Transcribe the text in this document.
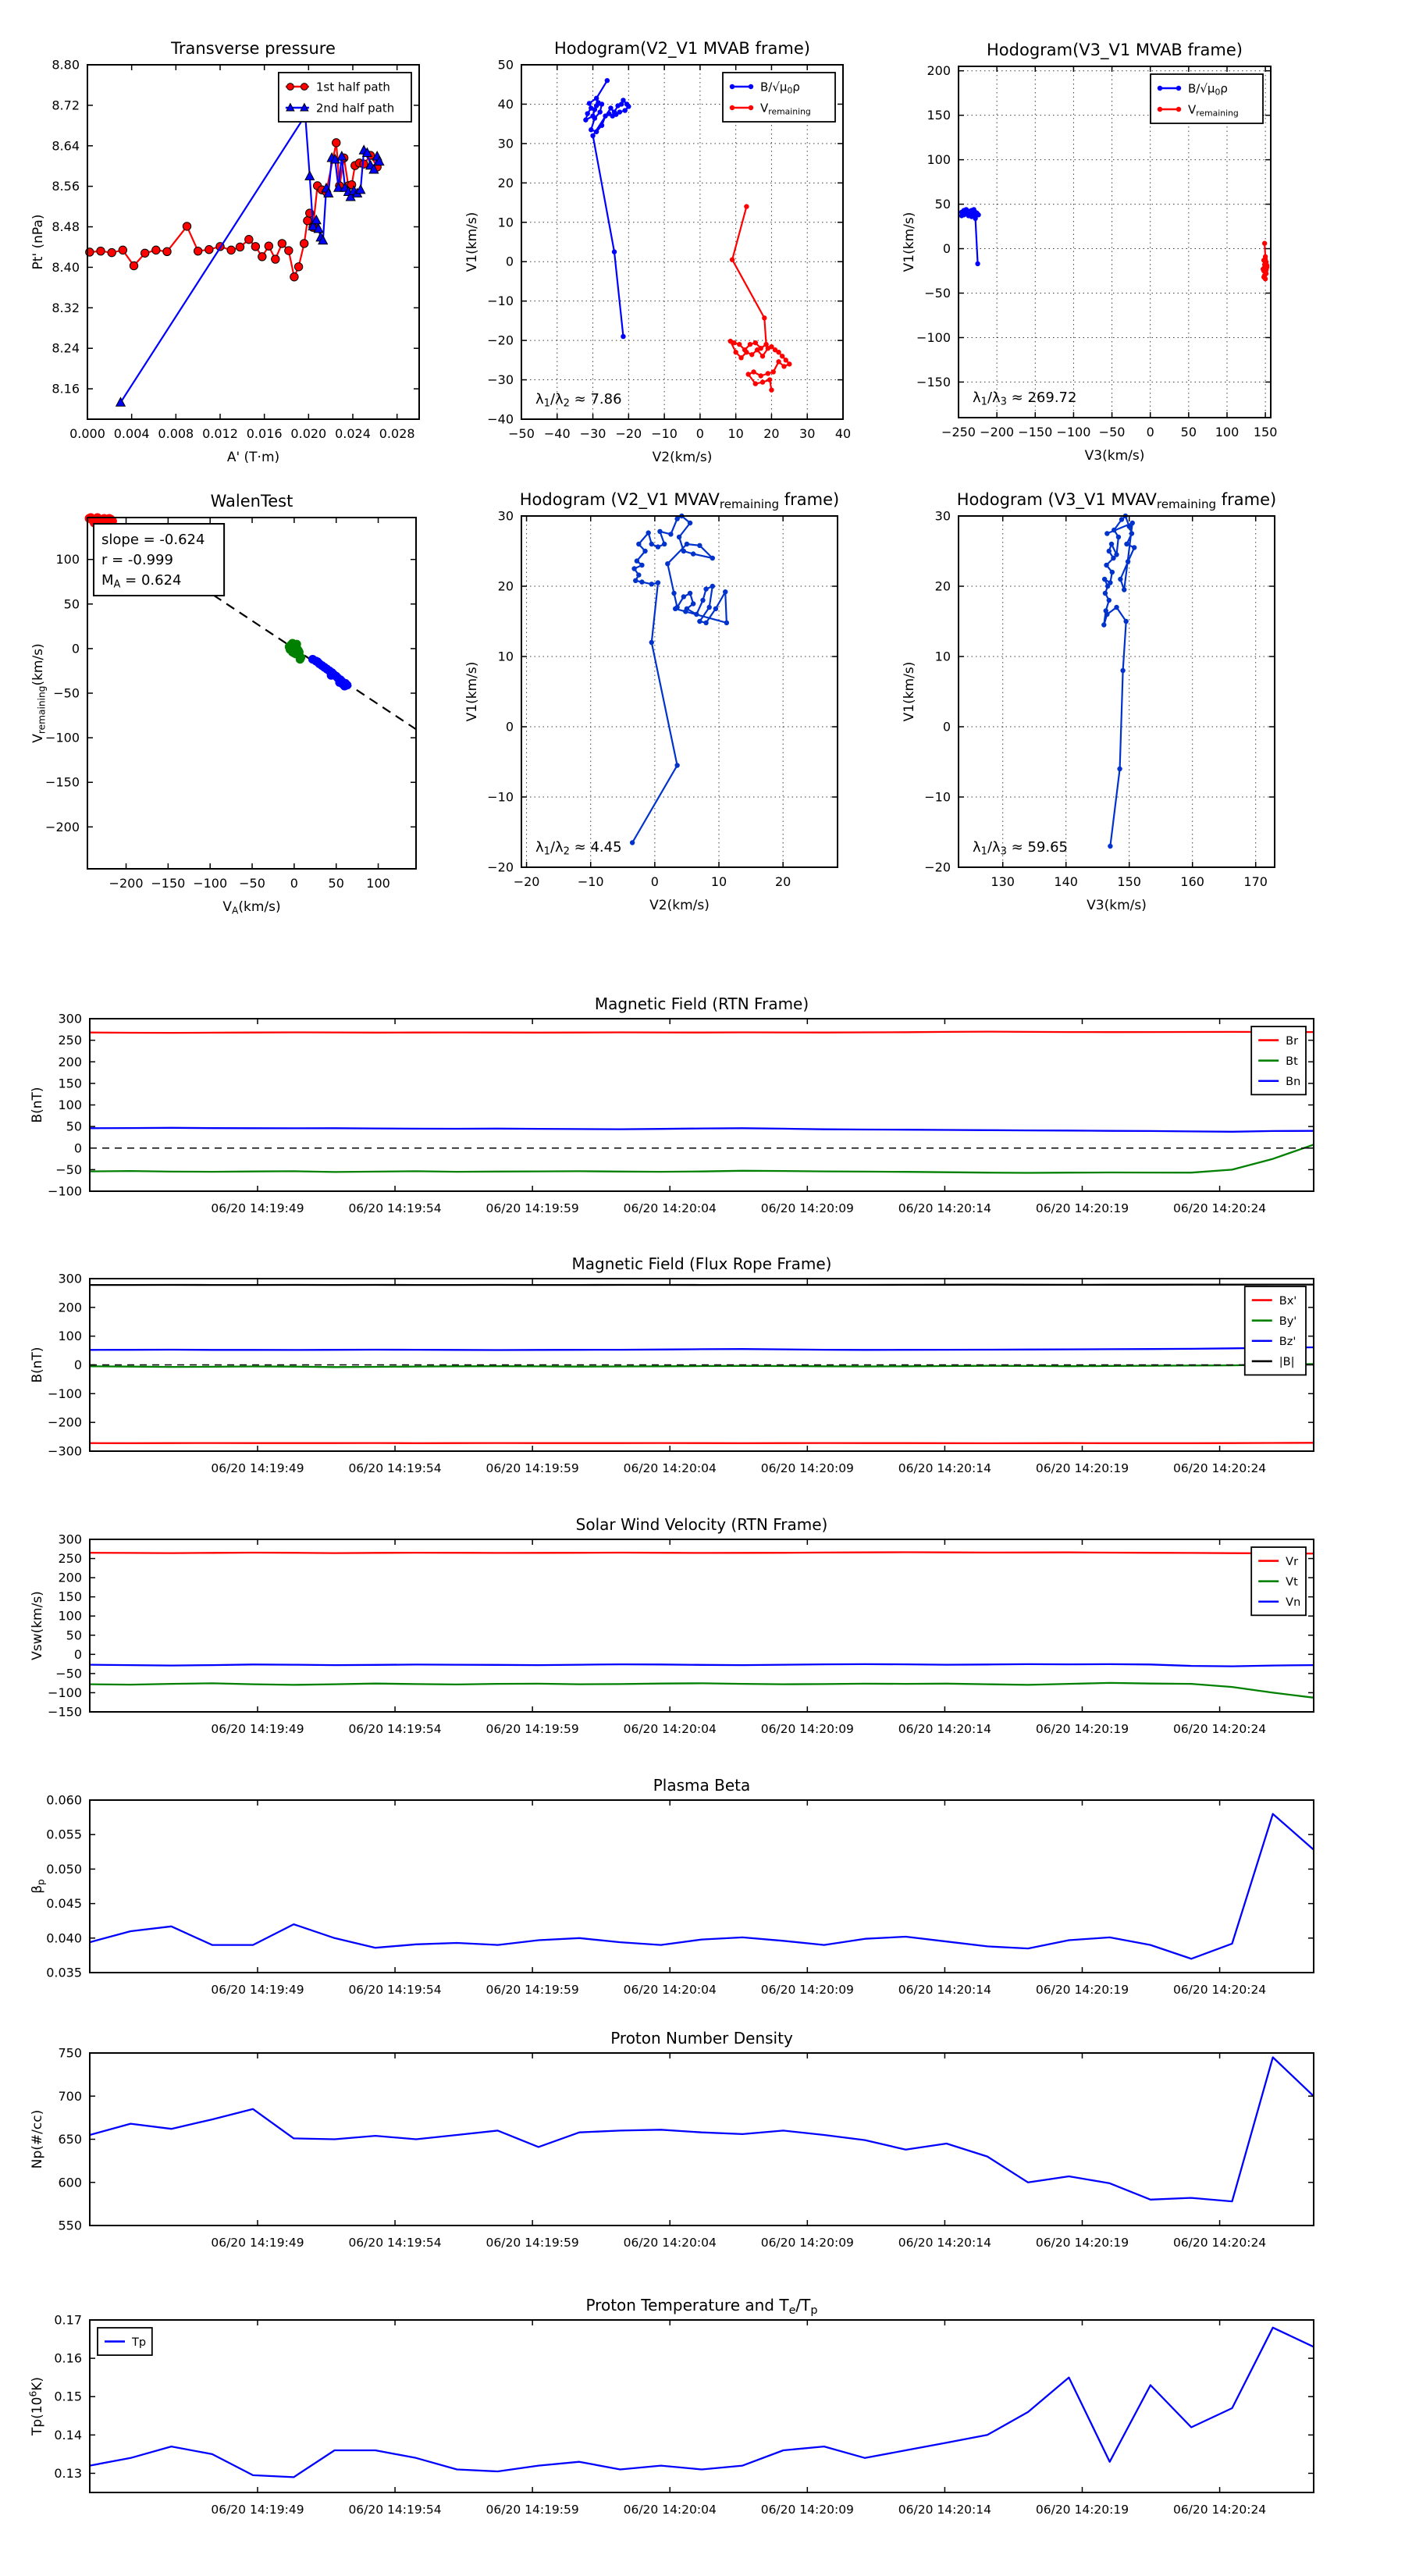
0.000 0.004 0.008 0.012 0.016 0.020 0.024 0.028
8.16
8.24
8.32
8.40
8.48
8.56
8.64
8.72
8.80
1st half path
2nd half path
Transverse pressure
A' (T·m)
Pt' (nPa)
−50 −40 −30 −20 −10 0 10 20 30 40
−40
−30
−20
−10
0
10
20
30
40
50
$\lambda_1/\lambda_2 \approx 7.86$
$B/√\mu_0\rho$
$V_{remaining}$
Hodogram(V2_V1 MVAB frame)
V2(km/s)
V1(km/s)
−250 −200 −150 −100 −50 0 50 100 150
−150
−100
−50
0
50
100
150
200
$\lambda_1/\lambda_3 \approx 269.72$
$B/√\mu_0\rho$
$V_{remaining}$
Hodogram(V3_V1 MVAB frame)
V3(km/s)
V1(km/s)
−200 −150 −100 −50 0 50 100
−200
−150
−100
−50
0
50
100
slope = -0.624
r = -0.999
$M_A = 0.624$
WalenTest
VA(km/s)
Vremaining(km/s)
−20	−10	0	10	20
−20
−10
0
10
20
30
$\lambda_1/\lambda_2 \approx 4.45$
Hodogram (V2_V1 $MVAV_{remaining}$ frame)
V2(km/s)
V1(km/s)
130	140	150	160	170
−20
−10
0
10
20
30
$\lambda_1/\lambda_3 \approx 59.65$
Hodogram (V3_V1 $MVAV_{remaining}$ frame)
V3(km/s)
V1(km/s)
−100
−50
0
50
100
150
200
250
300
06/20 14:19:49	06/20 14:19:54	06/20 14:19:59	06/20 14:20:04	06/20 14:20:09	06/20 14:20:14	06/20 14:20:19	06/20 14:20:24
Br
Bt
Bn
Magnetic Field (RTN Frame)
B(nT)
−300
−200
−100
0
100
200
300
06/20 14:19:49	06/20 14:19:54	06/20 14:19:59	06/20 14:20:04	06/20 14:20:09	06/20 14:20:14	06/20 14:20:19	06/20 14:20:24
Bx'
By'
Bz'
|B|
Magnetic Field (Flux Rope Frame)
B(nT)
−150
−100
−50
0
50
100
150
200
250
300
06/20 14:19:49	06/20 14:19:54	06/20 14:19:59	06/20 14:20:04	06/20 14:20:09	06/20 14:20:14	06/20 14:20:19	06/20 14:20:24
Vr
Vt
Vn
Solar Wind Velocity (RTN Frame)
Vsw(km/s)
0.035
0.040
0.045
0.050
0.055
0.060
06/20 14:19:49	06/20 14:19:54	06/20 14:19:59	06/20 14:20:04	06/20 14:20:09	06/20 14:20:14	06/20 14:20:19	06/20 14:20:24
Plasma Beta
βp
550
600
650
700
750
06/20 14:19:49	06/20 14:19:54	06/20 14:19:59	06/20 14:20:04	06/20 14:20:09	06/20 14:20:14	06/20 14:20:19	06/20 14:20:24
Proton Number Density
Np(#/cc)
0.13
0.14
0.15
0.16
0.17
06/20 14:19:49	06/20 14:19:54	06/20 14:19:59	06/20 14:20:04	06/20 14:20:09	06/20 14:20:14	06/20 14:20:19	06/20 14:20:24
Tp
Proton Temperature and $T_e/T_p$
$Tp(10^6K)$
